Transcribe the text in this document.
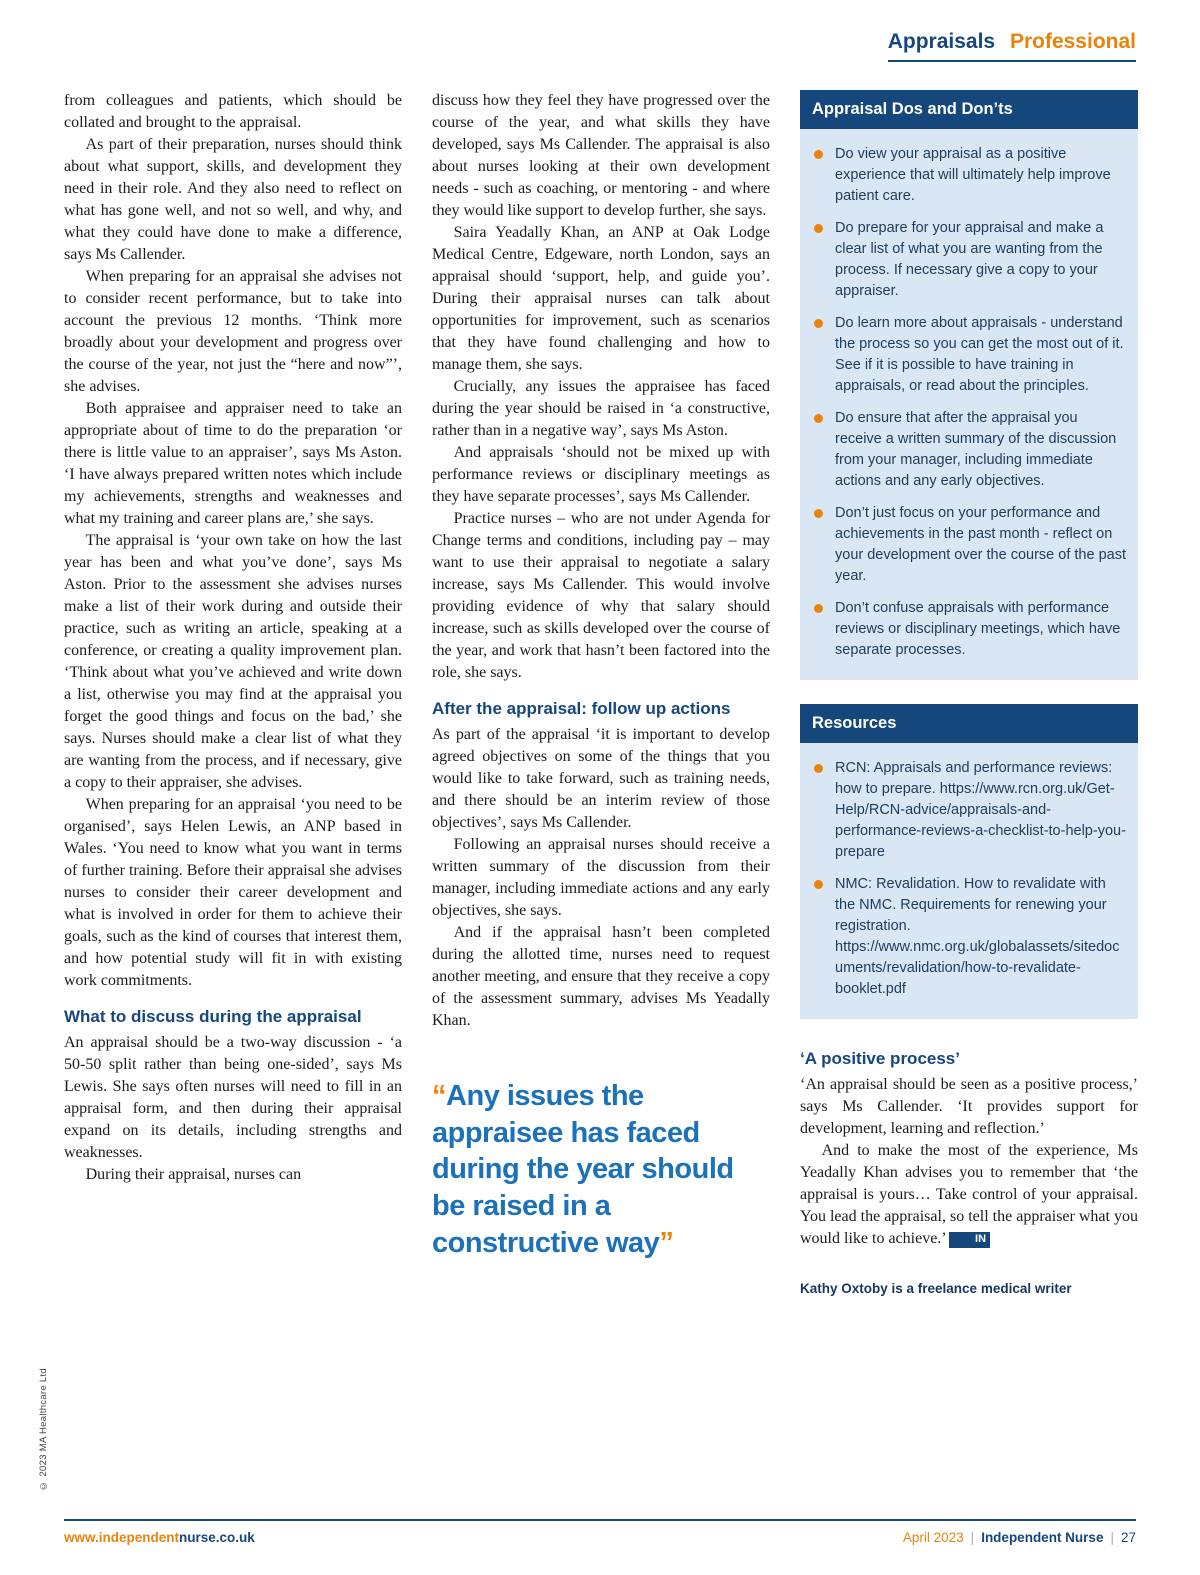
Appraisals Professional

from colleagues and patients, which should be collated and brought to the appraisal.

As part of their preparation, nurses should think about what support, skills, and development they need in their role. And they also need to reflect on what has gone well, and not so well, and why, and what they could have done to make a difference, says Ms Callender.

When preparing for an appraisal she advises not to consider recent performance, but to take into account the previous 12 months. ‘Think more broadly about your development and progress over the course of the year, not just the “here and now”’, she advises.

Both appraisee and appraiser need to take an appropriate about of time to do the preparation ‘or there is little value to an appraiser’, says Ms Aston. ‘I have always prepared written notes which include my achievements, strengths and weaknesses and what my training and career plans are,’ she says.

The appraisal is ‘your own take on how the last year has been and what you’ve done’, says Ms Aston. Prior to the assessment she advises nurses make a list of their work during and outside their practice, such as writing an article, speaking at a conference, or creating a quality improvement plan. ‘Think about what you’ve achieved and write down a list, otherwise you may find at the appraisal you forget the good things and focus on the bad,’ she says. Nurses should make a clear list of what they are wanting from the process, and if necessary, give a copy to their appraiser, she advises.

When preparing for an appraisal ‘you need to be organised’, says Helen Lewis, an ANP based in Wales. ‘You need to know what you want in terms of further training. Before their appraisal she advises nurses to consider their career development and what is involved in order for them to achieve their goals, such as the kind of courses that interest them, and how potential study will fit in with existing work commitments.

What to discuss during the appraisal

An appraisal should be a two-way discussion - ‘a 50-50 split rather than being one-sided’, says Ms Lewis. She says often nurses will need to fill in an appraisal form, and then during their appraisal expand on its details, including strengths and weaknesses.

During their appraisal, nurses can

discuss how they feel they have progressed over the course of the year, and what skills they have developed, says Ms Callender. The appraisal is also about nurses looking at their own development needs - such as coaching, or mentoring - and where they would like support to develop further, she says.

Saira Yeadally Khan, an ANP at Oak Lodge Medical Centre, Edgeware, north London, says an appraisal should ‘support, help, and guide you’. During their appraisal nurses can talk about opportunities for improvement, such as scenarios that they have found challenging and how to manage them, she says.

Crucially, any issues the appraisee has faced during the year should be raised in ‘a constructive, rather than in a negative way’, says Ms Aston.

And appraisals ‘should not be mixed up with performance reviews or disciplinary meetings as they have separate processes’, says Ms Callender.

Practice nurses – who are not under Agenda for Change terms and conditions, including pay – may want to use their appraisal to negotiate a salary increase, says Ms Callender. This would involve providing evidence of why that salary should increase, such as skills developed over the course of the year, and work that hasn’t been factored into the role, she says.

After the appraisal: follow up actions

As part of the appraisal ‘it is important to develop agreed objectives on some of the things that you would like to take forward, such as training needs, and there should be an interim review of those objectives’, says Ms Callender.

Following an appraisal nurses should receive a written summary of the discussion from their manager, including immediate actions and any early objectives, she says.

And if the appraisal hasn’t been completed during the allotted time, nurses need to request another meeting, and ensure that they receive a copy of the assessment summary, advises Ms Yeadally Khan.

“Any issues the appraisee has faced during the year should be raised in a constructive way”
Appraisal Dos and Don’ts
Do view your appraisal as a positive experience that will ultimately help improve patient care.
Do prepare for your appraisal and make a clear list of what you are wanting from the process. If necessary give a copy to your appraiser.
Do learn more about appraisals - understand the process so you can get the most out of it. See if it is possible to have training in appraisals, or read about the principles.
Do ensure that after the appraisal you receive a written summary of the discussion from your manager, including immediate actions and any early objectives.
Don’t just focus on your performance and achievements in the past month - reflect on your development over the course of the past year.
Don’t confuse appraisals with performance reviews or disciplinary meetings, which have separate processes.
Resources
RCN: Appraisals and performance reviews: how to prepare. https://www.rcn.org.uk/Get-Help/RCN-advice/appraisals-and-performance-reviews-a-checklist-to-help-you-prepare
NMC: Revalidation. How to revalidate with the NMC. Requirements for renewing your registration. https://www.nmc.org.uk/globalassets/sitedocuments/revalidation/how-to-revalidate-booklet.pdf
‘A positive process’

‘An appraisal should be seen as a positive process,’ says Ms Callender. ‘It provides support for development, learning and reflection.’

And to make the most of the experience, Ms Yeadally Khan advises you to remember that ‘the appraisal is yours… Take control of your appraisal. You lead the appraisal, so tell the appraiser what you would like to achieve.’	IN

Kathy Oxtoby is a freelance medical writer
© 2023 MA Healthcare Ltd
www.independentnurse.co.uk	April 2023 | Independent Nurse | 27
